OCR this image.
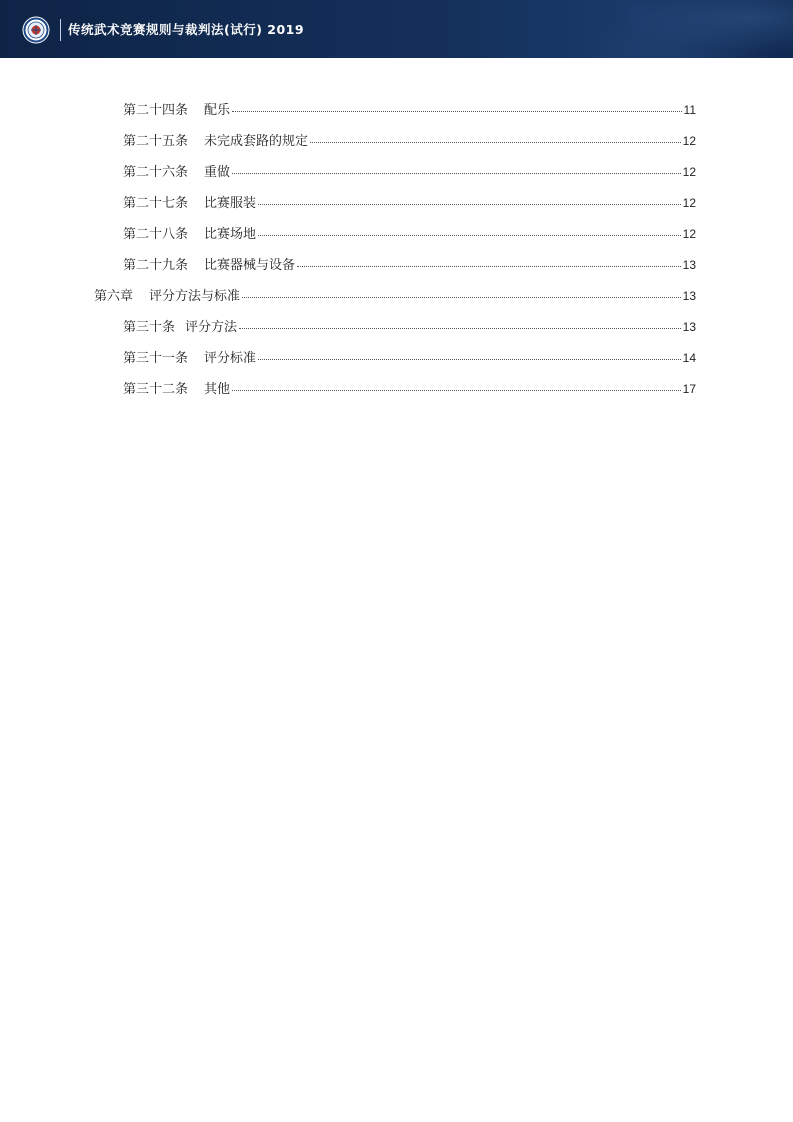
传统武术竞赛规则与裁判法(试行) 2019
第二十四条 配乐	11
第二十五条 未完成套路的规定	12
第二十六条 重做	12
第二十七条 比赛服装	12
第二十八条 比赛场地	12
第二十九条 比赛器械与设备	13
第六章 评分方法与标准	13
第三十条 评分方法	13
第三十一条 评分标准	14
第三十二条 其他	17
